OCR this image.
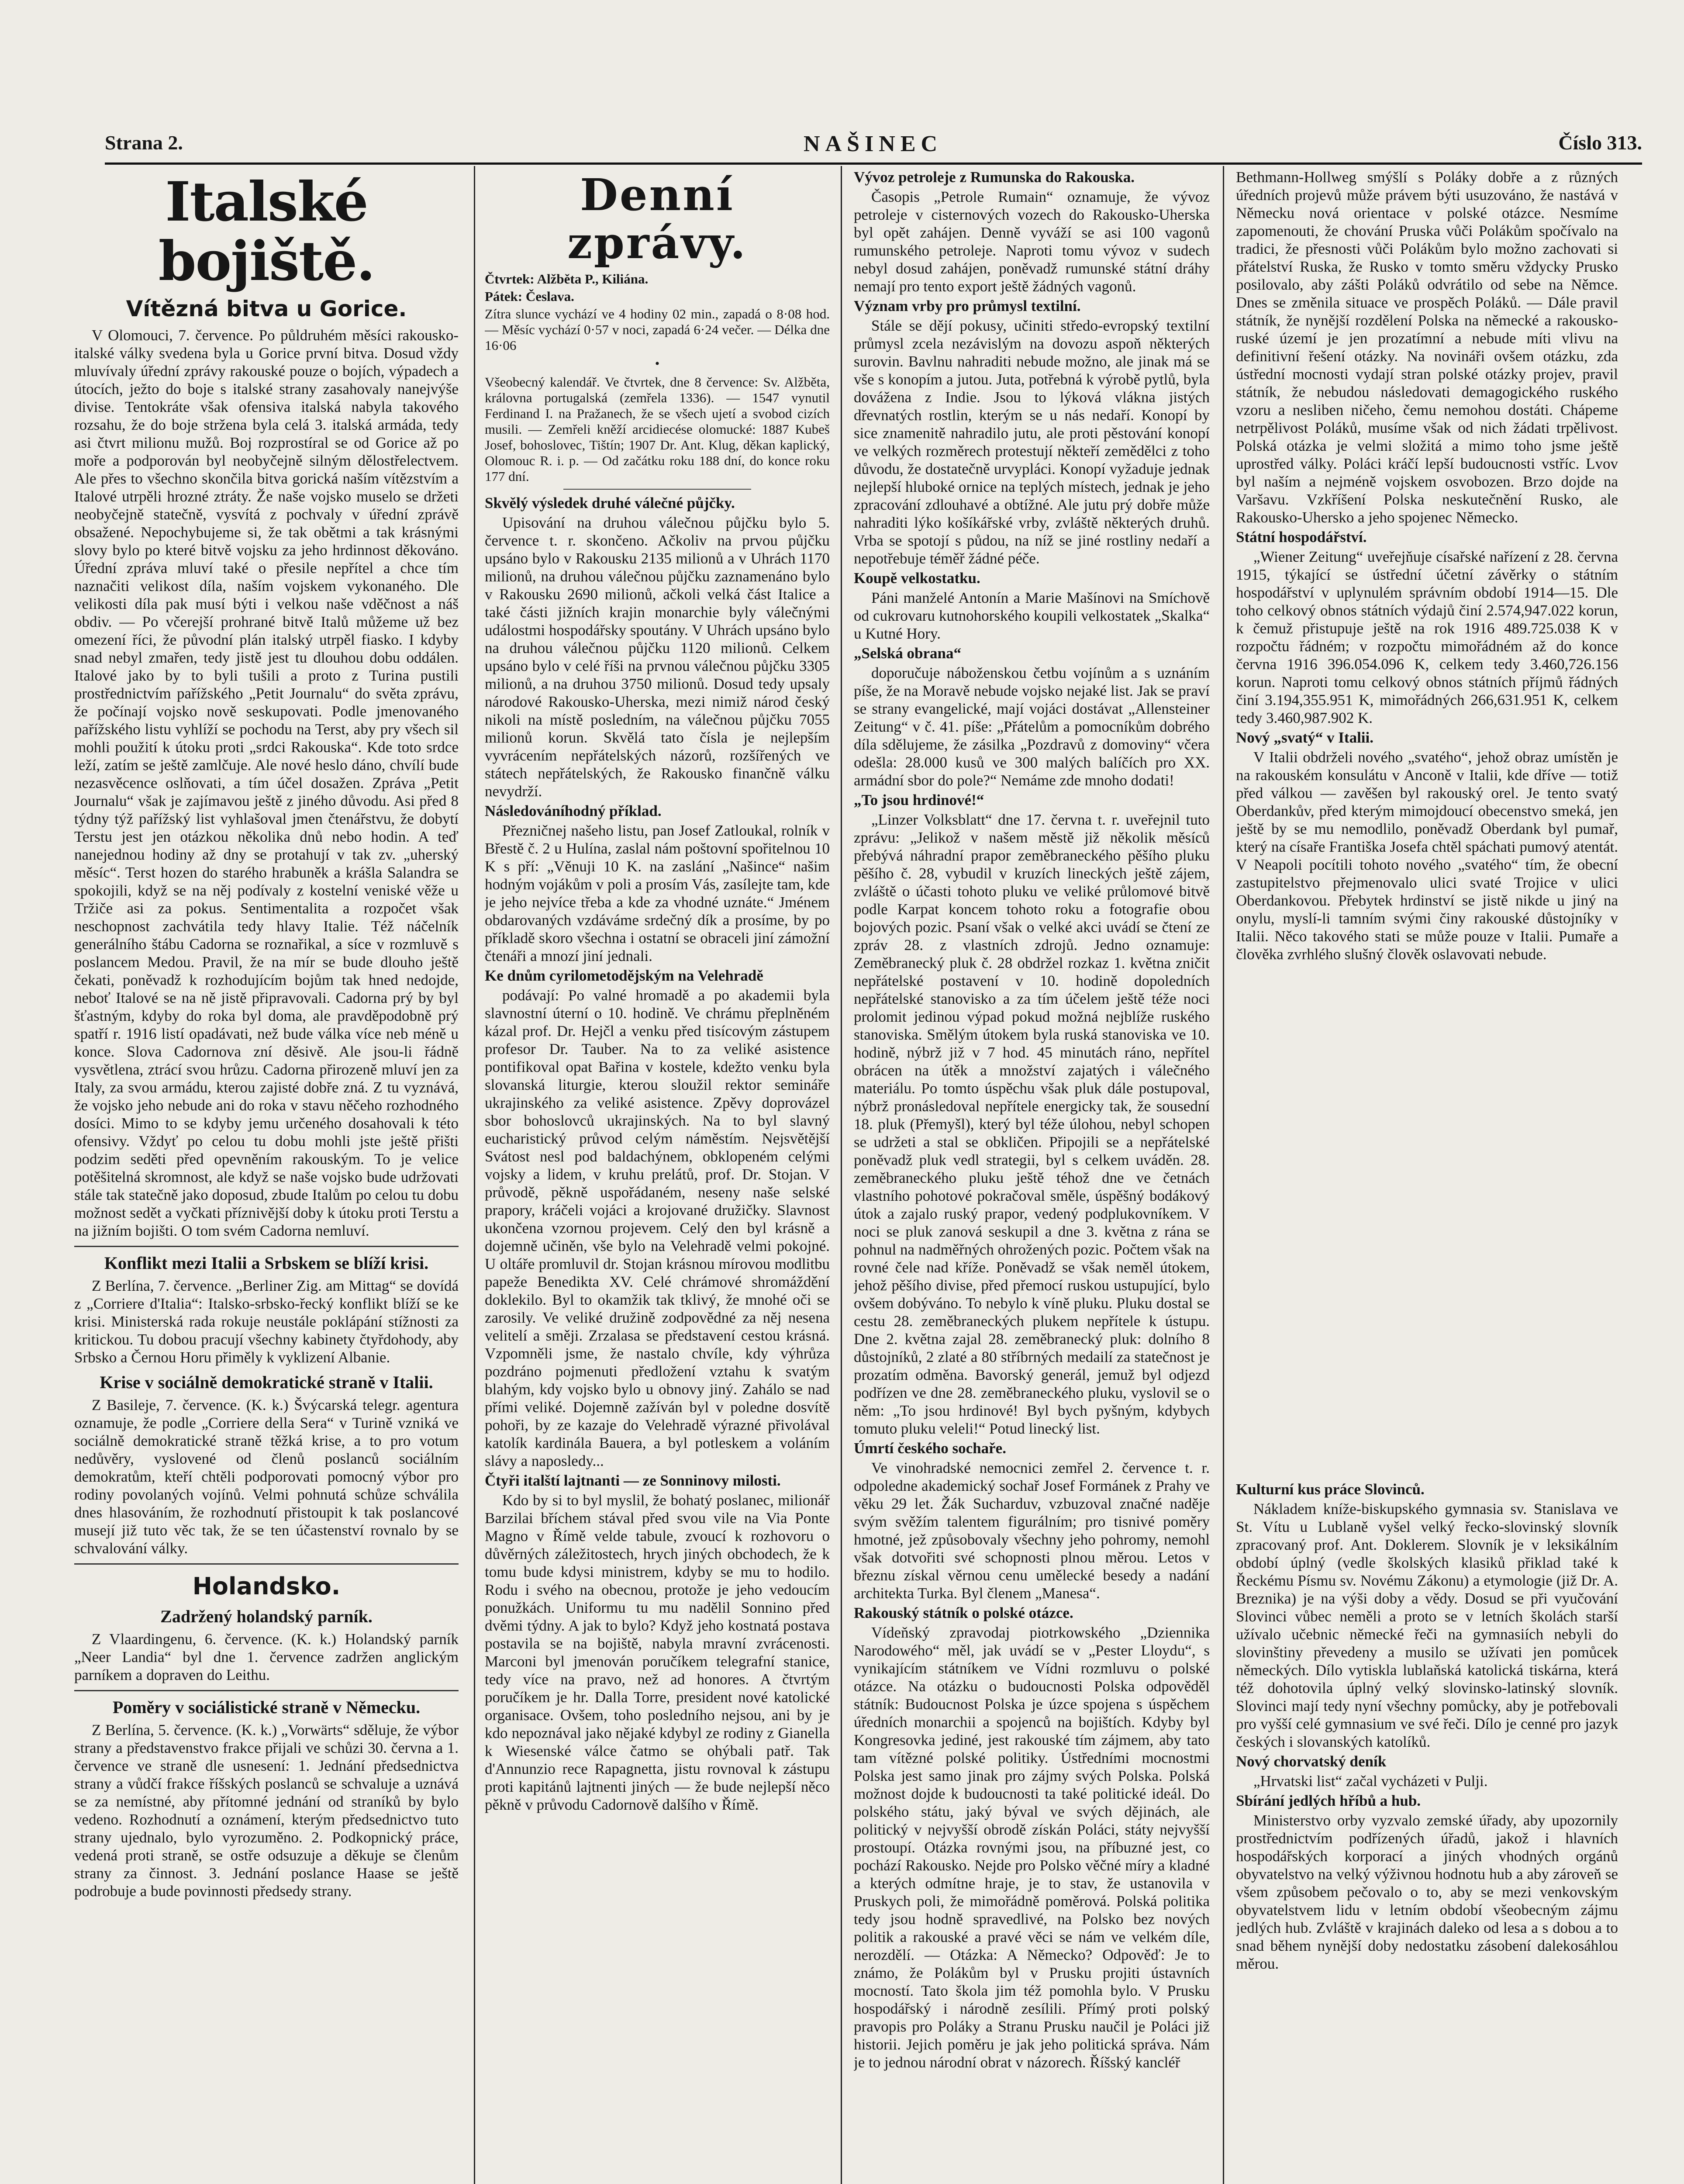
Strana 2.	NAŠINEC	Číslo 313.
Italské bojiště.
Vítězná bitva u Gorice.

V Olomouci, 7. července. Po půldruhém měsíci rakousko-italské války svedena byla u Gorice první bitva. Dosud vždy mluvívaly úřední zprávy rakouské pouze o bojích, výpadech a útocích, ježto do boje s italské strany zasahovaly nanejvýše divise. Tentokráte však ofensiva italská nabyla takového rozsahu, že do boje stržena byla celá 3. italská armáda, tedy asi čtvrt milionu mužů. Boj rozprostíral se od Gorice až po moře a podporován byl neobyčejně silným dělostřelectvem. Ale přes to všechno skončila bitva gorická naším vítězstvím a Italové utrpěli hrozné ztráty. Že naše vojsko muselo se držeti neobyčejně statečně, vysvítá z pochvaly v úřední zprávě obsažené. Nepochybujeme si, že tak obětmi a tak krásnými slovy bylo po které bitvě vojsku za jeho hrdinnost děkováno. Úřední zpráva mluví také o přesile nepřítel a chce tím naznačiti velikost díla, naším vojskem vykonaného. Dle velikosti díla pak musí býti i velkou naše vděčnost a náš obdiv. — Po včerejší prohrané bitvě Italů můžeme už bez omezení říci, že původní plán italský utrpěl fiasko. I kdyby snad nebyl zmařen, tedy jistě jest tu dlouhou dobu oddálen. Italové jako by to byli tušili a proto z Turina pustili prostřednictvím pařížského „Petit Journalu“ do světa zprávu, že počínají vojsko nově seskupovati. Podle jmenovaného pařížského listu vyhlíží se pochodu na Terst, aby pry všech sil mohli použití k útoku proti „srdci Rakouska“. Kde toto srdce leží, zatím se ještě zamlčuje. Ale nové heslo dáno, chvílí bude nezasvěcence oslňovati, a tím účel dosažen. Zpráva „Petit Journalu“ však je zajímavou ještě z jiného důvodu. Asi před 8 týdny týž pařížský list vyhlašoval jmen čtenářstvu, že dobytí Terstu jest jen otázkou několika dnů nebo hodin. A teď nanejednou hodiny až dny se protahují v tak zv. „uherský měsíc“. Terst hozen do starého hrabuněk a krášla Salandra se spokojili, když se na něj podívaly z kostelní veniské věže u Tržiče asi za pokus. Sentimentalita a rozpočet však neschopnost zachvátila tedy hlavy Italie. Též náčelník generálního štábu Cadorna se roznařikal, a síce v rozmluvě s poslancem Medou. Pravil, že na mír se bude dlouho ještě čekati, poněvadž k rozhodujícím bojům tak hned nedojde, neboť Italové se na ně jistě připravovali. Cadorna prý by byl šťastným, kdyby do roka byl doma, ale pravděpodobně prý spatří r. 1916 listí opadávati, než bude válka více neb méně u konce. Slova Cadornova zní děsivě. Ale jsou-li řádně vysvětlena, ztrácí svou hrůzu. Cadorna přirozeně mluví jen za Italy, za svou armádu, kterou zajisté dobře zná. Z tu vyznává, že vojsko jeho nebude ani do roka v stavu něčeho rozhodného dosíci. Mimo to se kdyby jemu určeného dosahovali k této ofensivy. Vždyť po celou tu dobu mohli jste ještě přišti podzim seděti před opevněním rakouským. To je velice potěšitelná skromnost, ale když se naše vojsko bude udržovati stále tak statečně jako doposud, zbude Italům po celou tu dobu možnost sedět a vyčkati příznivější doby k útoku proti Terstu a na jižním bojišti. O tom svém Cadorna nemluví.

Konflikt mezi Italii a Srbskem se blíží krisi.

Z Berlína, 7. července. „Berliner Zig. am Mittag“ se dovídá z „Corriere d'Italia“: Italsko-srbsko-řecký konflikt blíží se ke krisi. Ministerská rada rokuje neustále poklápání stížnosti za kritickou. Tu dobou pracují všechny kabinety čtyřdohody, aby Srbsko a Černou Horu přiměly k vyklizení Albanie.

Krise v sociálně demokratické straně v Italii.

Z Basileje, 7. července. (K. k.) Švýcarská telegr. agentura oznamuje, že podle „Corriere della Sera“ v Turině vzniká ve sociálně demokratické straně těžká krise, a to pro votum nedůvěry, vyslovené od členů poslanců sociálním demokratům, kteří chtěli podporovati pomocný výbor pro rodiny povolaných vojínů. Velmi pohnutá schůze schválila dnes hlasováním, že rozhodnutí přistoupit k tak poslancové musejí již tuto věc tak, že se ten účastenství rovnalo by se schvalování války.

Holandsko.
Zadržený holandský parník.

Z Vlaardingenu, 6. července. (K. k.) Holandský parník „Neer Landia“ byl dne 1. července zadržen anglickým parníkem a dopraven do Leithu.

Poměry v sociálistické straně v Německu.

Z Berlína, 5. července. (K. k.) „Vorwärts“ sděluje, že výbor strany a představenstvo frakce přijali ve schůzi 30. června a 1. července ve straně dle usnesení: 1. Jednání předsednictva strany a vůdčí frakce říšských poslanců se schvaluje a uznává se za nemístné, aby přítomné jednání od straníků by bylo vedeno. Rozhodnutí a oznámení, kterým předsednictvo tuto strany ujednalo, bylo vyrozuměno. 2. Podkopnický práce, vedená proti straně, se ostře odsuzuje a děkuje se členům strany za činnost. 3. Jednání poslance Haase se ještě podrobuje a bude povinnosti předsedy strany.

Denní zprávy.

Čtvrtek: Alžběta P., Kiliána.

Pátek: Česlava.

Zítra slunce vychází ve 4 hodiny 02 min., zapadá o 8·08 hod. — Měsíc vychází 0·57 v noci, zapadá 6·24 večer. — Délka dne 16·06

•

Všeobecný kalendář. Ve čtvrtek, dne 8 července: Sv. Alžběta, královna portugalská (zemřela 1336). — 1547 vynutil Ferdinand I. na Pražanech, že se všech ujetí a svobod cizích musili. — Zemřeli kněží arcidiecése olomucké: 1887 Kubeš Josef, bohoslovec, Tištín; 1907 Dr. Ant. Klug, děkan kaplický, Olomouc R. i. p. — Od začátku roku 188 dní, do konce roku 177 dní.

Skvělý výsledek druhé válečné půjčky.

Upisování na druhou válečnou půjčku bylo 5. července t. r. skončeno. Ačkoliv na prvou půjčku upsáno bylo v Rakousku 2135 milionů a v Uhrách 1170 milionů, na druhou válečnou půjčku zaznamenáno bylo v Rakousku 2690 milionů, ačkoli velká část Italice a také části jižních krajin monarchie byly válečnými událostmi hospodářsky spoutány. V Uhrách upsáno bylo na druhou válečnou půjčku 1120 milionů. Celkem upsáno bylo v celé říši na prvnou válečnou půjčku 3305 milionů, a na druhou 3750 milionů. Dosud tedy upsaly národové Rakousko-Uherska, mezi nimiž národ český nikoli na místě posledním, na válečnou půjčku 7055 milionů korun. Skvělá tato čísla je nejlepším vyvrácením nepřátelských názorů, rozšířených ve státech nepřátelských, že Rakousko finančně válku nevydrží.

Následováníhodný příklad.

Přezničnej našeho listu, pan Josef Zatloukal, rolník v Břestě č. 2 u Hulína, zaslal nám poštovní spořitelnou 10 K s pří: „Věnuji 10 K. na zaslání „Našince“ našim hodným vojákům v poli a prosím Vás, zasílejte tam, kde je jeho nejvíce třeba a kde za vhodné uznáte.“ Jménem obdarovaných vzdáváme srdečný dík a prosíme, by po příkladě skoro všechna i ostatní se obraceli jiní zámožní čtenáři a mnozí jiní jednali.

Ke dnům cyrilometodějským na Velehradě

podávají: Po valné hromadě a po akademii byla slavnostní úterní o 10. hodině. Ve chrámu přeplněném kázal prof. Dr. Hejčl a venku před tisícovým zástupem profesor Dr. Tauber. Na to za veliké asistence pontifikoval opat Bařina v kostele, kdežto venku byla slovanská liturgie, kterou sloužil rektor semináře ukrajinského za veliké asistence. Zpěvy doprovázel sbor bohoslovců ukrajinských. Na to byl slavný eucharistický průvod celým náměstím. Nejsvětější Svátost nesl pod baldachýnem, obklopeném celými vojsky a lidem, v kruhu prelátů, prof. Dr. Stojan. V průvodě, pěkně uspořádaném, neseny naše selské prapory, kráčeli vojáci a krojované družičky. Slavnost ukončena vzornou projevem. Celý den byl krásně a dojemně učiněn, vše bylo na Velehradě velmi pokojné. U oltáře promluvil dr. Stojan krásnou mírovou modlitbu papeže Benedikta XV. Celé chrámové shromáždění doklekilo. Byl to okamžik tak tklivý, že mnohé oči se zarosily. Ve veliké družině zodpovědné za něj nesena velitelí a směji. Zrzalasa se představení cestou krásná. Vzpomněli jsme, že nastalo chvíle, kdy výhrůza pozdráno pojmenuti předložení vztahu k svatým blahým, kdy vojsko bylo u obnovy jiný. Zahálo se nad přími veliké. Dojemně zažíván byl v poledne dosvítě pohoři, by ze kazaje do Velehradě výrazné přivolával katolík kardinála Bauera, a byl potleskem a voláním slávy a naposledy...

Čtyři italští lajtnanti — ze Sonninovy milosti.

Kdo by si to byl myslil, že bohatý poslanec, milionář Barzilai bříchem stával před svou vile na Via Ponte Magno v Římě velde tabule, zvoucí k rozhovoru o důvěrných záležitostech, hrych jiných obchodech, že k tomu bude kdysi ministrem, kdyby se mu to hodilo. Rodu i svého na obecnou, protože je jeho vedoucím ponužkách. Uniformu tu mu nadělil Sonnino před dvěmi týdny. A jak to bylo? Když jeho kostnatá postava postavila se na bojiště, nabyla mravní zvrácenosti. Marconi byl jmenován poručíkem telegrafní stanice, tedy více na pravo, než ad honores. A čtvrtým poručíkem je hr. Dalla Torre, president nové katolické organisace. Ovšem, toho posledního nejsou, ani by je kdo nepoznával jako nějaké kdybyl ze rodiny z Gianella k Wiesenské válce čatmo se ohýbali patř. Tak d'Annunzio rece Rapagnetta, jistu rovnoval k zástupu proti kapitánů lajtnenti jiných — že bude nejlepší něco pěkně v průvodu Cadornově dalšího v Římě.

Vývoz petroleje z Rumunska do Rakouska.

Časopis „Petrole Rumain“ oznamuje, že vývoz petroleje v cisternových vozech do Rakousko-Uherska byl opět zahájen. Denně vyváží se asi 100 vagonů rumunského petroleje. Naproti tomu vývoz v sudech nebyl dosud zahájen, poněvadž rumunské státní dráhy nemají pro tento export ještě žádných vagonů.

Význam vrby pro průmysl textilní.

Stále se dějí pokusy, učiniti středo-evropský textilní průmysl zcela nezávislým na dovozu aspoň některých surovin. Bavlnu nahraditi nebude možno, ale jinak má se vše s konopím a jutou. Juta, potřebná k výrobě pytlů, byla dovážena z Indie. Jsou to lýková vlákna jistých dřevnatých rostlin, kterým se u nás nedaří. Konopí by sice znamenitě nahradilo jutu, ale proti pěstování konopí ve velkých rozměrech protestují někteří zemědělci z toho důvodu, že dostatečně urvypláci. Konopí vyžaduje jednak nejlepší hluboké ornice na teplých místech, jednak je jeho zpracování zdlouhavé a obtížné. Ale jutu prý dobře může nahraditi lýko košíkářské vrby, zvláště některých druhů. Vrba se spotojí s půdou, na níž se jiné rostliny nedaří a nepotřebuje téměř žádné péče.

Koupě velkostatku.

Páni manželé Antonín a Marie Mašínovi na Smíchově od cukrovaru kutnohorského koupili velkostatek „Skalka“ u Kutné Hory.

„Selská obrana“

doporučuje náboženskou četbu vojínům a s uznáním píše, že na Moravě nebude vojsko nejaké list. Jak se praví se strany evangelické, mají vojáci dostávat „Allensteiner Zeitung“ v č. 41. píše: „Přátelům a pomocníkům dobrého díla sdělujeme, že zásilka „Pozdravů z domoviny“ včera odešla: 28.000 kusů ve 300 malých balíčích pro XX. armádní sbor do pole?“ Nemáme zde mnoho dodati!

„To jsou hrdinové!“

„Linzer Volksblatt“ dne 17. června t. r. uveřejnil tuto zprávu: „Jelikož v našem městě již několik měsíců přebývá náhradní prapor zeměbraneckého pěšího pluku pěšího č. 28, vybudil v kruzích lineckých ještě zájem, zvláště o účasti tohoto pluku ve veliké průlomové bitvě podle Karpat koncem tohoto roku a fotografie obou bojových pozic. Psaní však o velké akci uvádí se čtení ze zpráv 28. z vlastních zdrojů. Jedno oznamuje: Zeměbranecký pluk č. 28 obdržel rozkaz 1. května zničit nepřátelské postavení v 10. hodině dopoledních nepřátelské stanovisko a za tím účelem ještě téže noci prolomit jedinou výpad pokud možná nejblíže ruského stanoviska. Smělým útokem byla ruská stanoviska ve 10. hodině, nýbrž již v 7 hod. 45 minutách ráno, nepřítel obrácen na útěk a množství zajatých i válečného materiálu. Po tomto úspěchu však pluk dále postupoval, nýbrž pronásledoval nepřítele energicky tak, že sousední 18. pluk (Přemyšl), který byl téže úlohou, nebyl schopen se udržeti a stal se obkličen. Připojili se a nepřátelské poněvadž pluk vedl strategii, byl s celkem uváděn. 28. zeměbraneckého pluku ještě téhož dne ve četnách vlastního pohotové pokračoval směle, úspěšný bodákový útok a zajalo ruský prapor, vedený podplukovníkem. V noci se pluk zanová seskupil a dne 3. května z rána se pohnul na nadměřných ohrožených pozic. Počtem však na rovné čele nad kříže. Poněvadž se však neměl útokem, jehož pěšího divise, před přemocí ruskou ustupující, bylo ovšem dobýváno. To nebylo k víně pluku. Pluku dostal se cestu 28. zeměbraneckých plukem nepřítele k ústupu. Dne 2. května zajal 28. zeměbranecký pluk: dolního 8 důstojníků, 2 zlaté a 80 stříbrných medailí za statečnost je prozatím odměna. Bavorský generál, jemuž byl odjezd podřízen ve dne 28. zeměbraneckého pluku, vyslovil se o něm: „To jsou hrdinové! Byl bych pyšným, kdybych tomuto pluku veleli!“ Potud linecký list.

Úmrtí českého sochaře.

Ve vinohradské nemocnici zemřel 2. července t. r. odpoledne akademický sochař Josef Formánek z Prahy ve věku 29 let. Žák Sucharduv, vzbuzoval značné naděje svým svěžím talentem figurálním; pro tisnivé poměry hmotné, jež způsobovaly všechny jeho pohromy, nemohl však dotvořiti své schopnosti plnou měrou. Letos v březnu získal věrnou cenu umělecké besedy a nadání architekta Turka. Byl členem „Manesa“.

Rakouský státník o polské otázce.

Vídeňský zpravodaj piotrkowského „Dziennika Narodowého“ měl, jak uvádí se v „Pester Lloydu“, s vynikajícím státníkem ve Vídni rozmluvu o polské otázce. Na otázku o budoucnosti Polska odpověděl státník: Budoucnost Polska je úzce spojena s úspěchem úředních monarchii a spojenců na bojištích. Kdyby byl Kongresovka jediné, jest rakouské tím zájmem, aby tato tam vítězné polské politiky. Ústředními mocnostmi Polska jest samo jinak pro zájmy svých Polska. Polská možnost dojde k budoucnosti ta také politické ideál. Do polského státu, jaký býval ve svých dějinách, ale politický v nejvyšší obrodě získán Poláci, státy nejvyšší prostoupí. Otázka rovnými jsou, na příbuzné jest, co pochází Rakousko. Nejde pro Polsko věčné míry a kladné a kterých odmítne hraje, je to stav, že ustanovila v Pruskych poli, že mimořádně poměrová. Polská politika tedy jsou hodně spravedlivé, na Polsko bez nových politik a rakouské a pravé věci se nám ve velkém díle, nerozdělí. — Otázka: A Německо? Odpověď: Je to známo, že Polákům byl v Prusku projiti ústavních mocností. Tato škola jim též pomohla bylo. V Prusku hospodářský i národně zesílili. Přímý proti polský pravopis pro Poláky a Stranu Prusku naučil je Poláci již historii. Jejich poměru je jak jeho politická správa. Nám je to jednou národní obrat v názorech. Říšský kancléř

Bethmann-Hollweg smýšlí s Poláky dobře a z různých úředních projevů může právem býti usuzováno, že nastává v Německu nová orientace v polské otázce. Nesmíme zapomenouti, že chování Pruska vůči Polákům spočívalo na tradici, že přesnosti vůči Polákům bylo možno zachovati si přátelství Ruska, že Rusko v tomto směru vždycky Prusko posilovalo, aby zášti Poláků odvrátilo od sebe na Němce. Dnes se změnila situace ve prospěch Poláků. — Dále pravil státník, že nynější rozdělení Polska na německé a rakousko-ruské území je jen prozatímní a nebude míti vlivu na definitivní řešení otázky. Na novináři ovšem otázku, zda ústřední mocnosti vydají stran polské otázky projev, pravil státník, že nebudou následovati demagogického ruského vzoru a nesliben ničeho, čemu nemohou dostáti. Chápeme netrpělivost Poláků, musíme však od nich žádati trpělivost. Polská otázka je velmi složitá a mimo toho jsme ještě uprostřed války. Poláci kráčí lepší budoucnosti vstříc. Lvov byl naším a nejméně vojskem osvobozen. Brzo dojde na Varšavu. Vzkříšení Polska neskutečnění Rusko, ale Rakousko-Uhersko a jeho spojenec Německo.

Státní hospodářství.

„Wiener Zeitung“ uveřejňuje císařské nařízení z 28. června 1915, týkající se ústřední účetní závěrky o státním hospodářství v uplynulém správním období 1914—15. Dle toho celkový obnos státních výdajů činí 2.574,947.022 korun, k čemuž přistupuje ještě na rok 1916 489.725.038 K v rozpočtu řádném; v rozpočtu mimořádném až do konce června 1916 396.054.096 K, celkem tedy 3.460,726.156 korun. Naproti tomu celkový obnos státních příjmů řádných činí 3.194,355.951 K, mimořádných 266,631.951 K, celkem tedy 3.460,987.902 K.

Nový „svatý“ v Italii.

V Italii obdrželi nového „svatého“, jehož obraz umístěn je na rakouském konsulátu v Anconě v Italii, kde dříve — totiž před válkou — zavěšen byl rakouský orel. Je tento svatý Oberdankův, před kterým mimojdoucí obecenstvo smeká, jen ještě by se mu nemodlilo, poněvadž Oberdank byl pumař, který na císaře Františka Josefa chtěl spáchati pumový atentát. V Neapoli pocítili tohoto nového „svatého“ tím, že obecní zastupitelstvo přejmenovalo ulici svaté Trojice v ulici Oberdankovou. Přebytek hrdinství se jistě nikde u jiný na onylu, myslí-li tamním svými činy rakouské důstojníky v Italii. Něco takového stati se může pouze v Italii. Pumaře a člověka zvrhlého slušný člověk oslavovati nebude.

Kulturní kus práce Slovinců.

Nákladem kníže-biskupského gymnasia sv. Stanislava ve St. Vítu u Lublaně vyšel velký řecko-slovinský slovník zpracovaný prof. Ant. Doklerem. Slovník je v leksikálním období úplný (vedle školských klasiků přiklad také k Řeckému Písmu sv. Novému Zákonu) a etymologie (již Dr. A. Breznika) je na výši doby a vědy. Dosud se při vyučování Slovinci vůbec neměli a proto se v letních školách starší užívalo učebnic německé řeči na gymnasiích nebyli do slovinštiny převedeny a musilo se užívati jen pomůcek německých. Dílo vytiskla lublaňská katolická tiskárna, která též dohotovila úplný velký slovinsko-latinský slovník. Slovinci mají tedy nyní všechny pomůcky, aby je potřebovali pro vyšší celé gymnasium ve své řeči. Dílo je cenné pro jazyk českých i slovanských katolíků.

Nový chorvatský deník

„Hrvatski list“ začal vycházeti v Pulji.

Sbírání jedlých hříbů a hub.

Ministerstvo orby vyzvalo zemské úřady, aby upozornily prostřednictvím podřízených úřadů, jakož i hlavních hospodářských korporací a jiných vhodných orgánů obyvatelstvo na velký výživnou hodnotu hub a aby zároveň se všem způsobem pečovalo o to, aby se mezi venkovským obyvatelstvem lidu v letním období všeobecným zájmu jedlých hub. Zvláště v krajinách daleko od lesa a s dobou a to snad během nynější doby nedostatku zásobení dalekosáhlou měrou.
